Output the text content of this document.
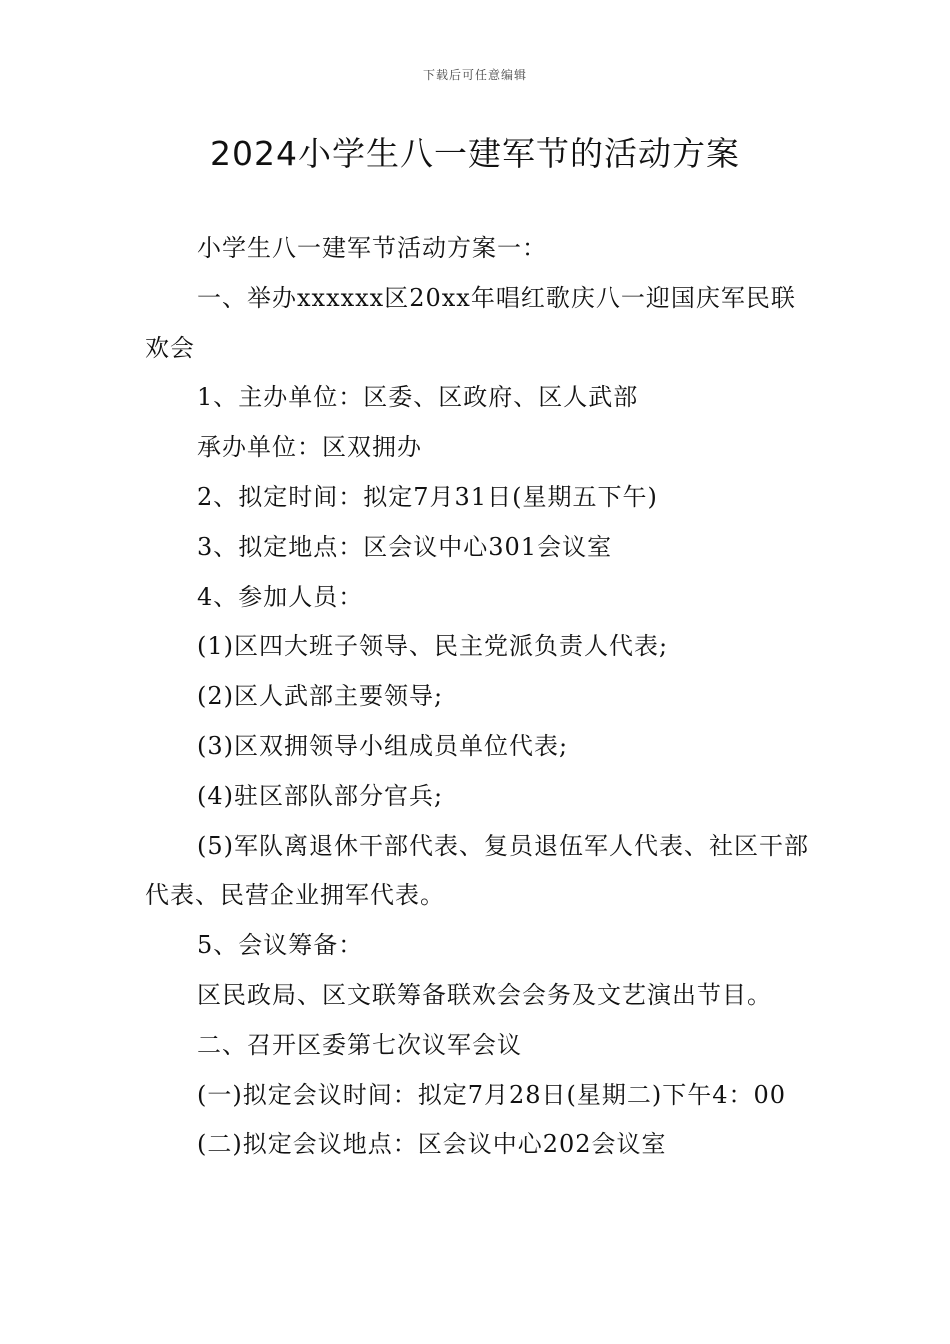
下载后可任意编辑
2024小学生八一建军节的活动方案

小学生八一建军节活动方案一：

一、举办xxxxxx区20xx年唱红歌庆八一迎国庆军民联欢会

1、主办单位：区委、区政府、区人武部

承办单位：区双拥办

2、拟定时间：拟定7月31日(星期五下午)

3、拟定地点：区会议中心301会议室

4、参加人员：

(1)区四大班子领导、民主党派负责人代表;

(2)区人武部主要领导;

(3)区双拥领导小组成员单位代表;

(4)驻区部队部分官兵;

(5)军队离退休干部代表、复员退伍军人代表、社区干部代表、民营企业拥军代表。

5、会议筹备：

区民政局、区文联筹备联欢会会务及文艺演出节目。

二、召开区委第七次议军会议

(一)拟定会议时间：拟定7月28日(星期二)下午4：00

(二)拟定会议地点：区会议中心202会议室
